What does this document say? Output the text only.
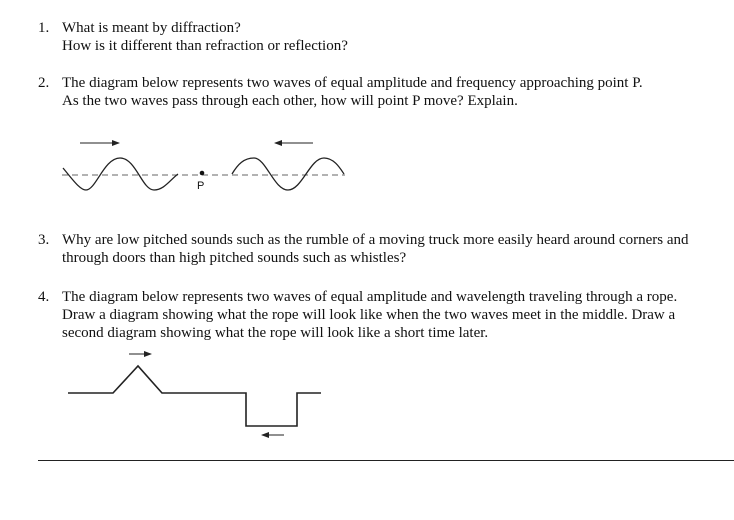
1. What is meant by diffraction?
How is it different than refraction or reflection?
2. The diagram below represents two waves of equal amplitude and frequency approaching point P.
As the two waves pass through each other, how will point P move? Explain.
P
3. Why are low pitched sounds such as the rumble of a moving truck more easily heard around corners and
through doors than high pitched sounds such as whistles?
4. The diagram below represents two waves of equal amplitude and wavelength traveling through a rope.
Draw a diagram showing what the rope will look like when the two waves meet in the middle. Draw a
second diagram showing what the rope will look like a short time later.
